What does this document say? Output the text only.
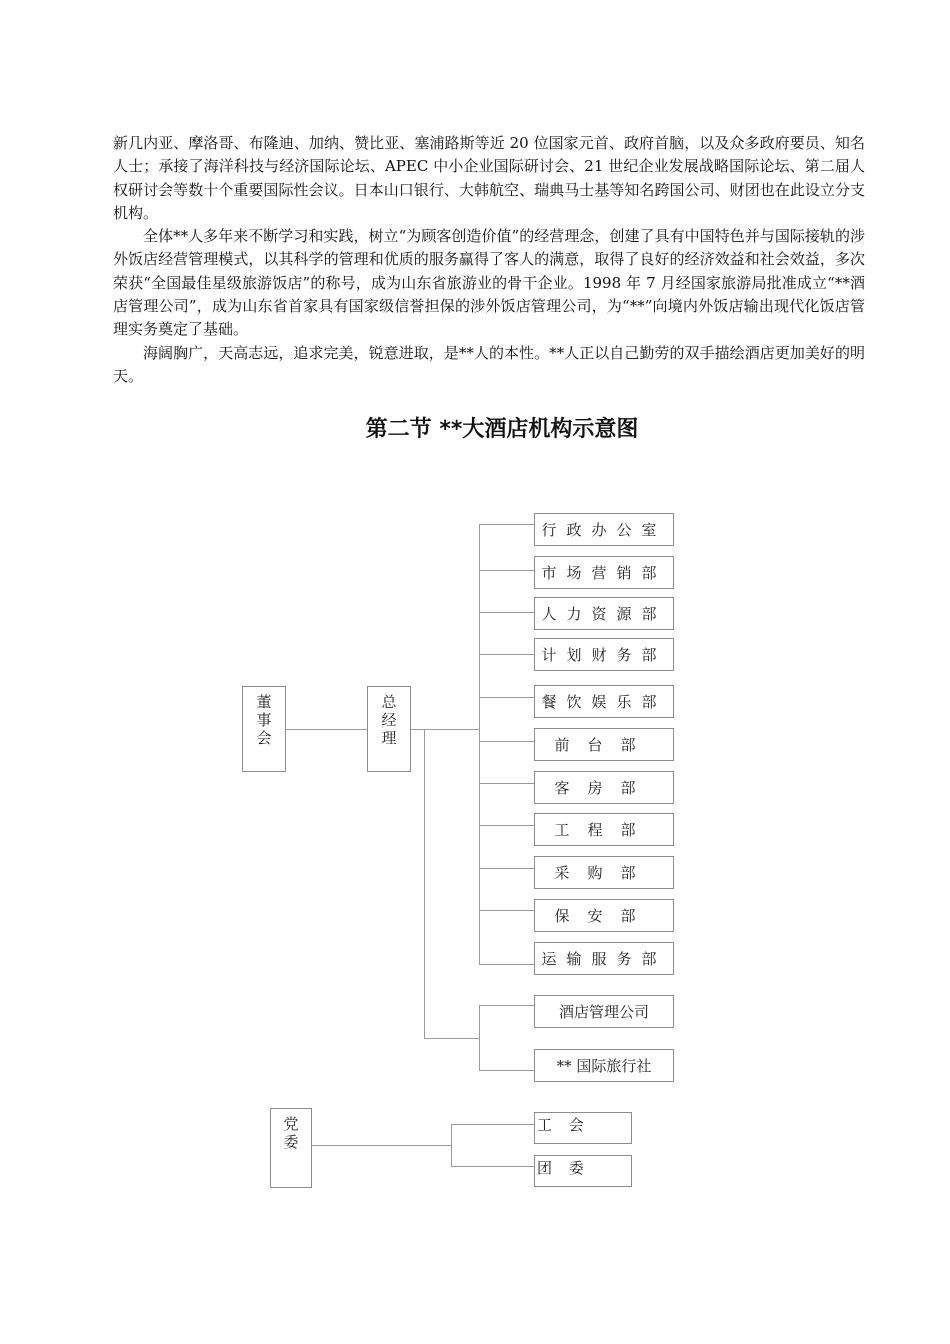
新几内亚、摩洛哥、布隆迪、加纳、赞比亚、塞浦路斯等近 20 位国家元首、政府首脑，以及众多政府要员、知名人士；承接了海洋科技与经济国际论坛、APEC 中小企业国际研讨会、21 世纪企业发展战略国际论坛、第二届人权研讨会等数十个重要国际性会议。日本山口银行、大韩航空、瑞典马士基等知名跨国公司、财团也在此设立分支机构。

全体**人多年来不断学习和实践，树立“为顾客创造价值”的经营理念，创建了具有中国特色并与国际接轨的涉外饭店经营管理模式，以其科学的管理和优质的服务赢得了客人的满意，取得了良好的经济效益和社会效益，多次荣获“全国最佳星级旅游饭店”的称号，成为山东省旅游业的骨干企业。1998 年 7 月经国家旅游局批准成立“**酒店管理公司”，成为山东省首家具有国家级信誉担保的涉外饭店管理公司，为“**”向境内外饭店输出现代化饭店管理实务奠定了基础。

海阔胸广，天高志远，追求完美，锐意进取，是**人的本性。**人正以自己勤劳的双手描绘酒店更加美好的明天。

第二节 **大酒店机构示意图
董
事
会
总
经
理
行政办公室
市场营销部
人力资源部
计划财务部
餐饮娱乐部
前台部
客房部
工程部
采购部
保安部
运输服务部
酒店管理公司
** 国际旅行社
党
委
工 会
团 委
